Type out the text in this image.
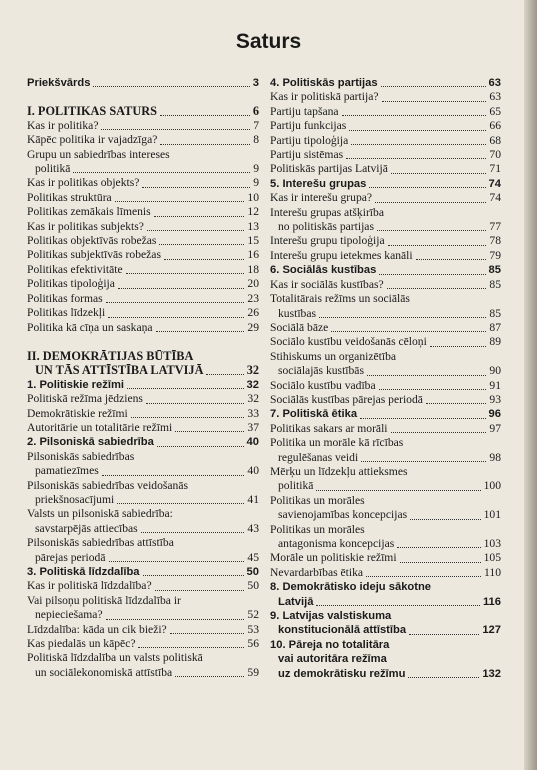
Saturs
Priekšvārds	3
I. POLITIKAS SATURS	6
Kas ir politika?	7
Kāpēc politika ir vajadzīga?	8
Grupu un sabiedrības intereses
politikā	9
Kas ir politikas objekts?	9
Politikas struktūra	10
Politikas zemākais līmenis	12
Kas ir politikas subjekts?	13
Politikas objektīvās robežas	15
Politikas subjektīvās robežas	16
Politikas efektivitāte	18
Politikas tipoloģija	20
Politikas formas	23
Politikas līdzekļi	26
Politika kā cīņa un saskaņa	29
II. DEMOKRĀTIJAS BŪTĪBA
UN TĀS ATTĪSTĪBA LATVIJĀ	32
1. Politiskie režīmi	32
Politiskā režīma jēdziens	32
Demokrātiskie režīmi	33
Autoritārie un totalitārie režīmi	37
2. Pilsoniskā sabiedrība	40
Pilsoniskās sabiedrības
pamatiezīmes	40
Pilsoniskās sabiedrības veidošanās
priekšnosacījumi	41
Valsts un pilsoniskā sabiedrība:
savstarpējās attiecības	43
Pilsoniskās sabiedrības attīstība
pārejas periodā	45
3. Politiskā līdzdalība	50
Kas ir politiskā līdzdalība?	50
Vai pilsoņu politiskā līdzdalība ir
nepieciešama?	52
Līdzdalība: kāda un cik bieži?	53
Kas piedalās un kāpēc?	56
Politiskā līdzdalība un valsts politiskā
un sociālekonomiskā attīstība	59
4. Politiskās partijas	63
Kas ir politiskā partija?	63
Partiju tapšana	65
Partiju funkcijas	66
Partiju tipoloģija	68
Partiju sistēmas	70
Politiskās partijas Latvijā	71
5. Interešu grupas	74
Kas ir interešu grupa?	74
Interešu grupas atšķirība
no politiskās partijas	77
Interešu grupu tipoloģija	78
Interešu grupu ietekmes kanāli	79
6. Sociālās kustības	85
Kas ir sociālās kustības?	85
Totalitārais režīms un sociālās
kustības	85
Sociālā bāze	87
Sociālo kustību veidošanās cēloņi	89
Stihiskums un organizētība
sociālajās kustībās	90
Sociālo kustību vadība	91
Sociālās kustības pārejas periodā	93
7. Politiskā ētika	96
Politikas sakars ar morāli	97
Politika un morāle kā rīcības
regulēšanas veidi	98
Mērķu un līdzekļu attieksmes
politikā	100
Politikas un morāles
savienojamības koncepcijas	101
Politikas un morāles
antagonisma koncepcijas	103
Morāle un politiskie režīmi	105
Nevardarbības ētika	110
8. Demokrātisko ideju sākotne
Latvijā	116
9. Latvijas valstiskuma
konstitucionālā attīstība	127
10. Pāreja no totalitāra
vai autoritāra režīma
uz demokrātisku režīmu	132
